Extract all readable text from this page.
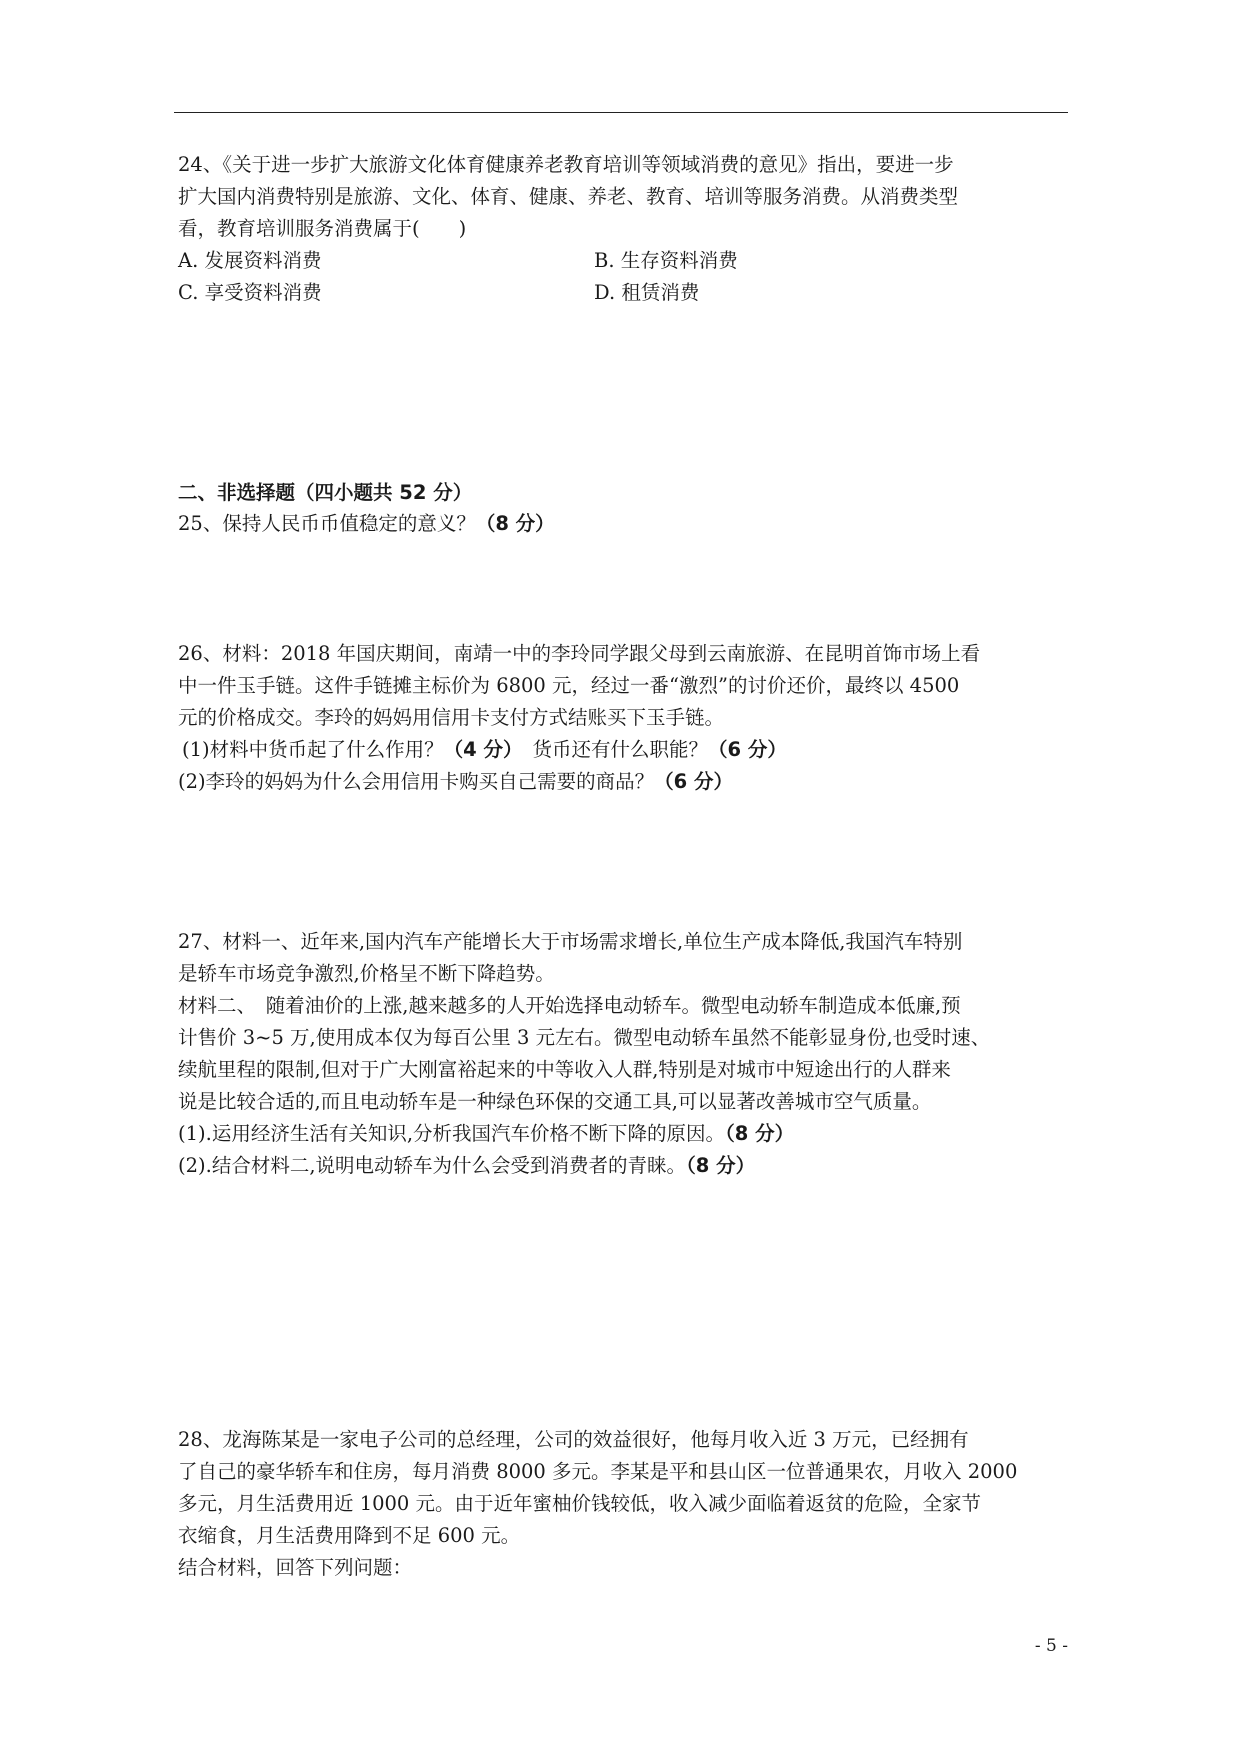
24、《关于进一步扩大旅游文化体育健康养老教育培训等领域消费的意见》指出，要进一步
扩大国内消费特别是旅游、文化、体育、健康、养老、教育、培训等服务消费。从消费类型
看，教育培训服务消费属于(　　)
A. 发展资料消费	B. 生存资料消费
C. 享受资料消费	D. 租赁消费
二、非选择题（四小题共 52 分）
25、保持人民币币值稳定的意义？（8 分）
26、材料：2018 年国庆期间，南靖一中的李玲同学跟父母到云南旅游、在昆明首饰市场上看
中一件玉手链。这件手链摊主标价为 6800 元，经过一番“激烈”的讨价还价，最终以 4500
元的价格成交。李玲的妈妈用信用卡支付方式结账买下玉手链。
(1)材料中货币起了什么作用？（4 分） 货币还有什么职能？（6 分）
(2)李玲的妈妈为什么会用信用卡购买自己需要的商品？（6 分）
27、材料一、近年来,国内汽车产能增长大于市场需求增长,单位生产成本降低,我国汽车特别
是轿车市场竞争激烈,价格呈不断下降趋势。
材料二、　随着油价的上涨,越来越多的人开始选择电动轿车。微型电动轿车制造成本低廉,预
计售价 3~5 万,使用成本仅为每百公里 3 元左右。微型电动轿车虽然不能彰显身份,也受时速、
续航里程的限制,但对于广大刚富裕起来的中等收入人群,特别是对城市中短途出行的人群来
说是比较合适的,而且电动轿车是一种绿色环保的交通工具,可以显著改善城市空气质量。
(1).运用经济生活有关知识,分析我国汽车价格不断下降的原因。（8 分）
(2).结合材料二,说明电动轿车为什么会受到消费者的青睐。（8 分）
28、龙海陈某是一家电子公司的总经理，公司的效益很好，他每月收入近 3 万元，已经拥有
了自己的豪华轿车和住房，每月消费 8000 多元。李某是平和县山区一位普通果农，月收入 2000
多元，月生活费用近 1000 元。由于近年蜜柚价钱较低，收入减少面临着返贫的危险，全家节
衣缩食，月生活费用降到不足 600 元。
结合材料，回答下列问题：
- 5 -
